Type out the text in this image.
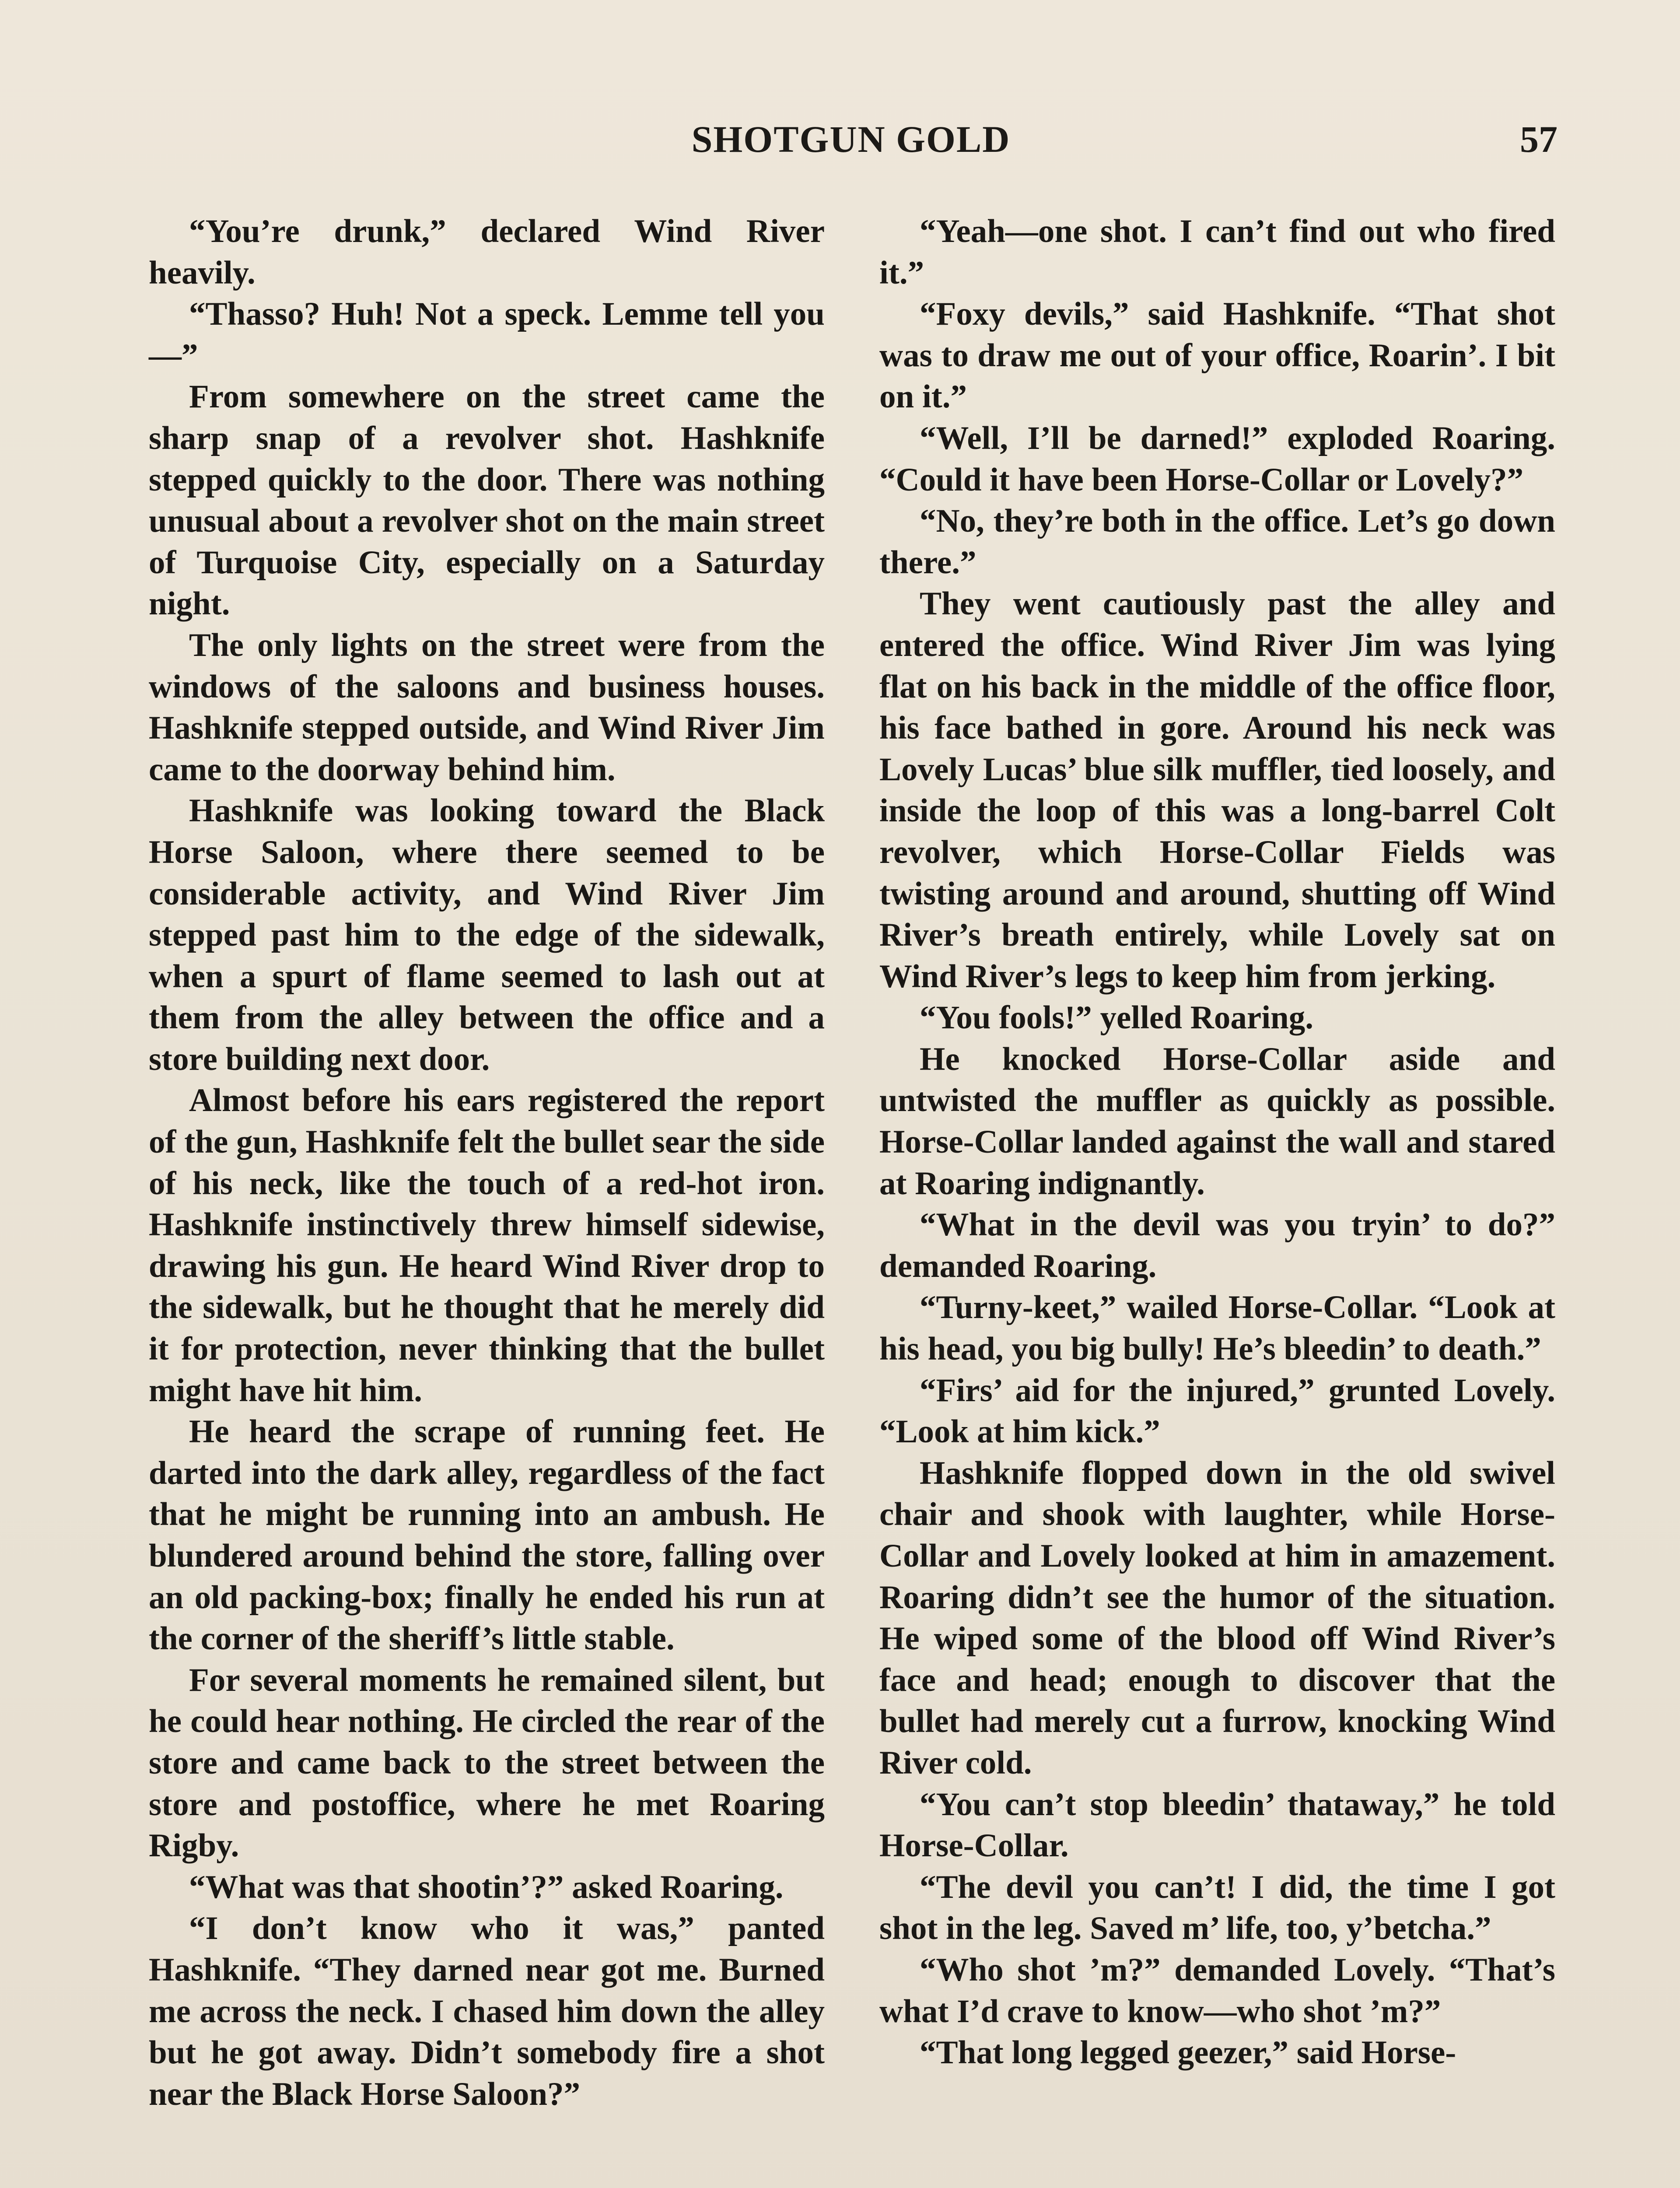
SHOTGUN GOLD	57

“You’re drunk,” declared Wind River heavily.

“Thasso? Huh! Not a speck. Lemme tell you—”

From somewhere on the street came the sharp snap of a revolver shot. Hashknife stepped quickly to the door. There was nothing unusual about a revolver shot on the main street of Turquoise City, especially on a Saturday night.

The only lights on the street were from the windows of the saloons and business houses. Hashknife stepped outside, and Wind River Jim came to the doorway behind him.

Hashknife was looking toward the Black Horse Saloon, where there seemed to be considerable activity, and Wind River Jim stepped past him to the edge of the sidewalk, when a spurt of flame seemed to lash out at them from the alley between the office and a store building next door.

Almost before his ears registered the report of the gun, Hashknife felt the bullet sear the side of his neck, like the touch of a red-hot iron. Hashknife instinctively threw himself sidewise, drawing his gun. He heard Wind River drop to the sidewalk, but he thought that he merely did it for protection, never thinking that the bullet might have hit him.

He heard the scrape of running feet. He darted into the dark alley, regardless of the fact that he might be running into an ambush. He blundered around behind the store, falling over an old packing-box; finally he ended his run at the corner of the sheriff’s little stable.

For several moments he remained silent, but he could hear nothing. He circled the rear of the store and came back to the street between the store and postoffice, where he met Roaring Rigby.

“What was that shootin’?” asked Roaring.

“I don’t know who it was,” panted Hashknife. “They darned near got me. Burned me across the neck. I chased him down the alley but he got away. Didn’t somebody fire a shot near the Black Horse Saloon?”

“Yeah—one shot. I can’t find out who fired it.”

“Foxy devils,” said Hashknife. “That shot was to draw me out of your office, Roarin’. I bit on it.”

“Well, I’ll be darned!” exploded Roaring. “Could it have been Horse-Collar or Lovely?”

“No, they’re both in the office. Let’s go down there.”

They went cautiously past the alley and entered the office. Wind River Jim was lying flat on his back in the middle of the office floor, his face bathed in gore. Around his neck was Lovely Lucas’ blue silk muffler, tied loosely, and inside the loop of this was a long-barrel Colt revolver, which Horse-Collar Fields was twisting around and around, shutting off Wind River’s breath entirely, while Lovely sat on Wind River’s legs to keep him from jerking.

“You fools!” yelled Roaring.

He knocked Horse-Collar aside and untwisted the muffler as quickly as possible. Horse-Collar landed against the wall and stared at Roaring indignantly.

“What in the devil was you tryin’ to do?” demanded Roaring.

“Turny-keet,” wailed Horse-Collar. “Look at his head, you big bully! He’s bleedin’ to death.”

“Firs’ aid for the injured,” grunted Lovely. “Look at him kick.”

Hashknife flopped down in the old swivel chair and shook with laughter, while Horse-Collar and Lovely looked at him in amazement. Roaring didn’t see the humor of the situation. He wiped some of the blood off Wind River’s face and head; enough to discover that the bullet had merely cut a furrow, knocking Wind River cold.

“You can’t stop bleedin’ thataway,” he told Horse-Collar.

“The devil you can’t! I did, the time I got shot in the leg. Saved m’ life, too, y’betcha.”

“Who shot ’m?” demanded Lovely. “That’s what I’d crave to know—who shot ’m?”

“That long legged geezer,” said Horse-
